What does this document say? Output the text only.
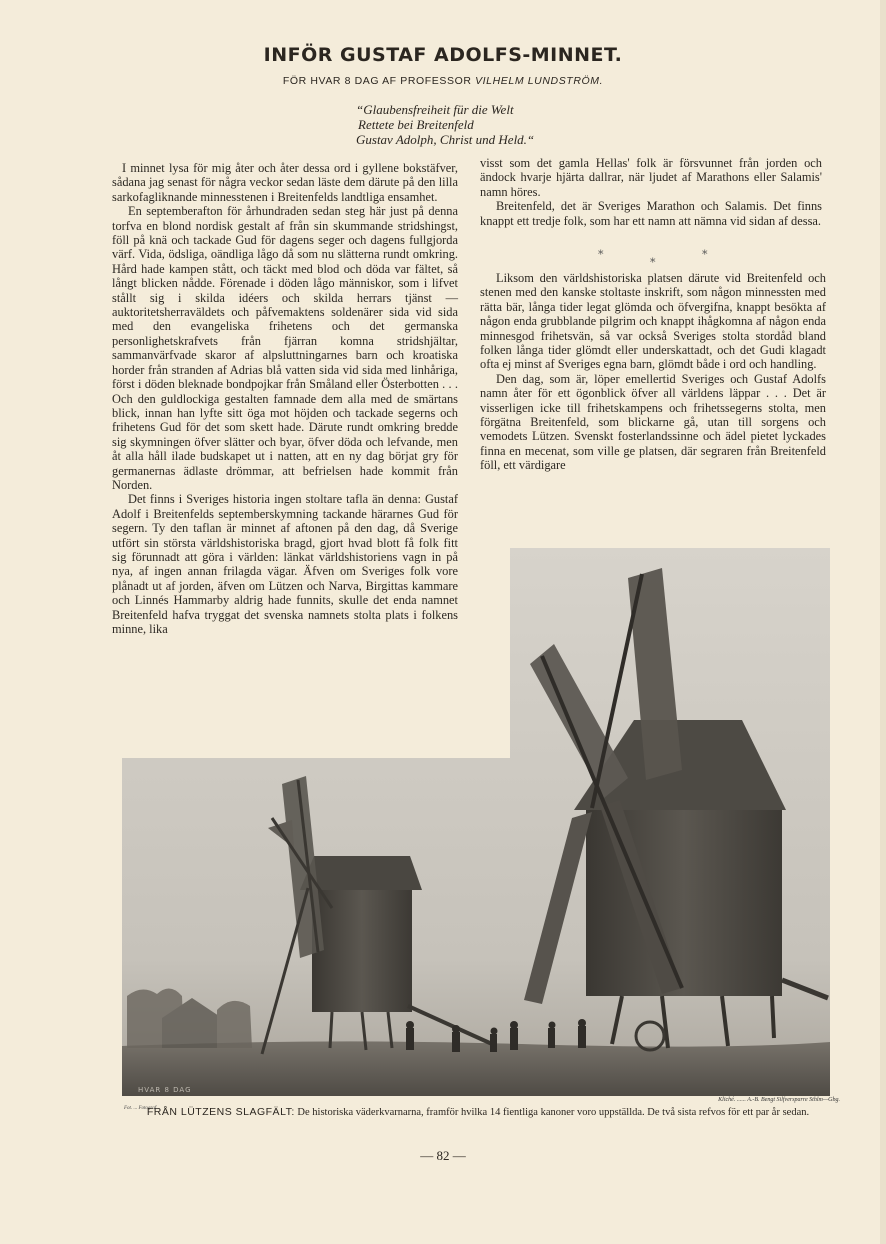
INFÖR GUSTAF ADOLFS-MINNET.
FÖR HVAR 8 DAG AF PROFESSOR VILHELM LUNDSTRÖM.
“Glaubensfreiheit für die Welt
Rettete bei Breitenfeld
Gustav Adolph, Christ und Held.“

I minnet lysa för mig åter och åter dessa ord i gyllene bokstäfver, sådana jag senast för några veckor sedan läste dem därute på den lilla sarkofagliknande minnesstenen i Breitenfelds landtliga ensamhet.

En septemberafton för århundraden sedan steg här just på denna torfva en blond nordisk gestalt af från sin skummande stridshingst, föll på knä och tackade Gud för dagens seger och dagens fullgjorda värf. Vida, ödsliga, oändliga lågo då som nu slätterna rundt omkring. Hård hade kampen stått, och täckt med blod och döda var fältet, så långt blicken nådde. Förenade i döden lågo människor, som i lifvet stållt sig i skilda idéers och skilda herrars tjänst — auktoritetsherraväldets och påfvemaktens soldenärer sida vid sida med den evangeliska frihetens och det germanska personlighetskrafvets från fjärran komna stridshjältar, sammanvärfvade skaror af alpsluttningarnes barn och kroatiska horder från stranden af Adrias blå vatten sida vid sida med linhåriga, först i döden bleknade bondpojkar från Småland eller Österbotten . . . Och den guldlockiga gestalten famnade dem alla med de smärtans blick, innan han lyfte sitt öga mot höjden och tackade segerns och frihetens Gud för det som skett hade. Därute rundt omkring bredde sig skymningen öfver slätter och byar, öfver döda och lefvande, men åt alla håll ilade budskapet ut i natten, att en ny dag börjat gry för germanernas ädlaste drömmar, att befrielsen hade kommit från Norden.

Det finns i Sveriges historia ingen stoltare tafla än denna: Gustaf Adolf i Breitenfelds septemberskymning tackande härarnes Gud för segern. Ty den taflan är minnet af aftonen på den dag, då Sverige utfört sin största världshistoriska bragd, gjort hvad blott få folk fitt sig förunnadt att göra i världen: länkat världshistoriens vagn in på nya, af ingen annan frilagda vägar. Äfven om Sveriges folk vore plånadt ut af jorden, äfven om Lützen och Narva, Birgittas kammare och Linnés Hammarby aldrig hade funnits, skulle det enda namnet Breitenfeld hafva tryggat det svenska namnets stolta plats i folkens minne, lika

visst som det gamla Hellas' folk är försvunnet från jorden och ändock hvarje hjärta dallrar, när ljudet af Marathons eller Salamis' namn höres.

Breitenfeld, det är Sveriges Marathon och Salamis. Det finns knappt ett tredje folk, som har ett namn att nämna vid sidan af dessa.

*
*
*

Liksom den världshistoriska platsen därute vid Breitenfeld och stenen med den kanske stoltaste inskrift, som någon minnessten med rätta bär, långa tider legat glömda och öfvergifna, knappt besökta af någon enda grubblande pilgrim och knappt ihågkomna af någon enda minnesgod frihetsvän, så var också Sveriges stolta stordåd bland folken långa tider glömdt eller underskattadt, och det Gudi klagadt ofta ej minst af Sveriges egna barn, glömdt både i ord och handling.

Den dag, som är, löper emellertid Sveriges och Gustaf Adolfs namn åter för ett ögonblick öfver all världens läppar . . . Det är visserligen icke till frihetskampens och frihetssegerns stolta, men förgätna Breitenfeld, som blickarne gå, utan till sorgens och vemodets Lützen. Svenskt fosterlandssinne och ädel pietet lyckades finna en mecenat, som ville ge platsen, där segraren från Breitenfeld föll, ett värdigare

HVAR 8 DAG
Kliché. ...... A.-B. Bengt Silfversparre Sthlm—Gbg.
Fot. ... Fotograf
FRÅN LÜTZENS SLAGFÄLT: De historiska väderkvarnarna, framför hvilka 14 fientliga kanoner voro uppställda. De två sista refvos för ett par år sedan.
— 82 —
